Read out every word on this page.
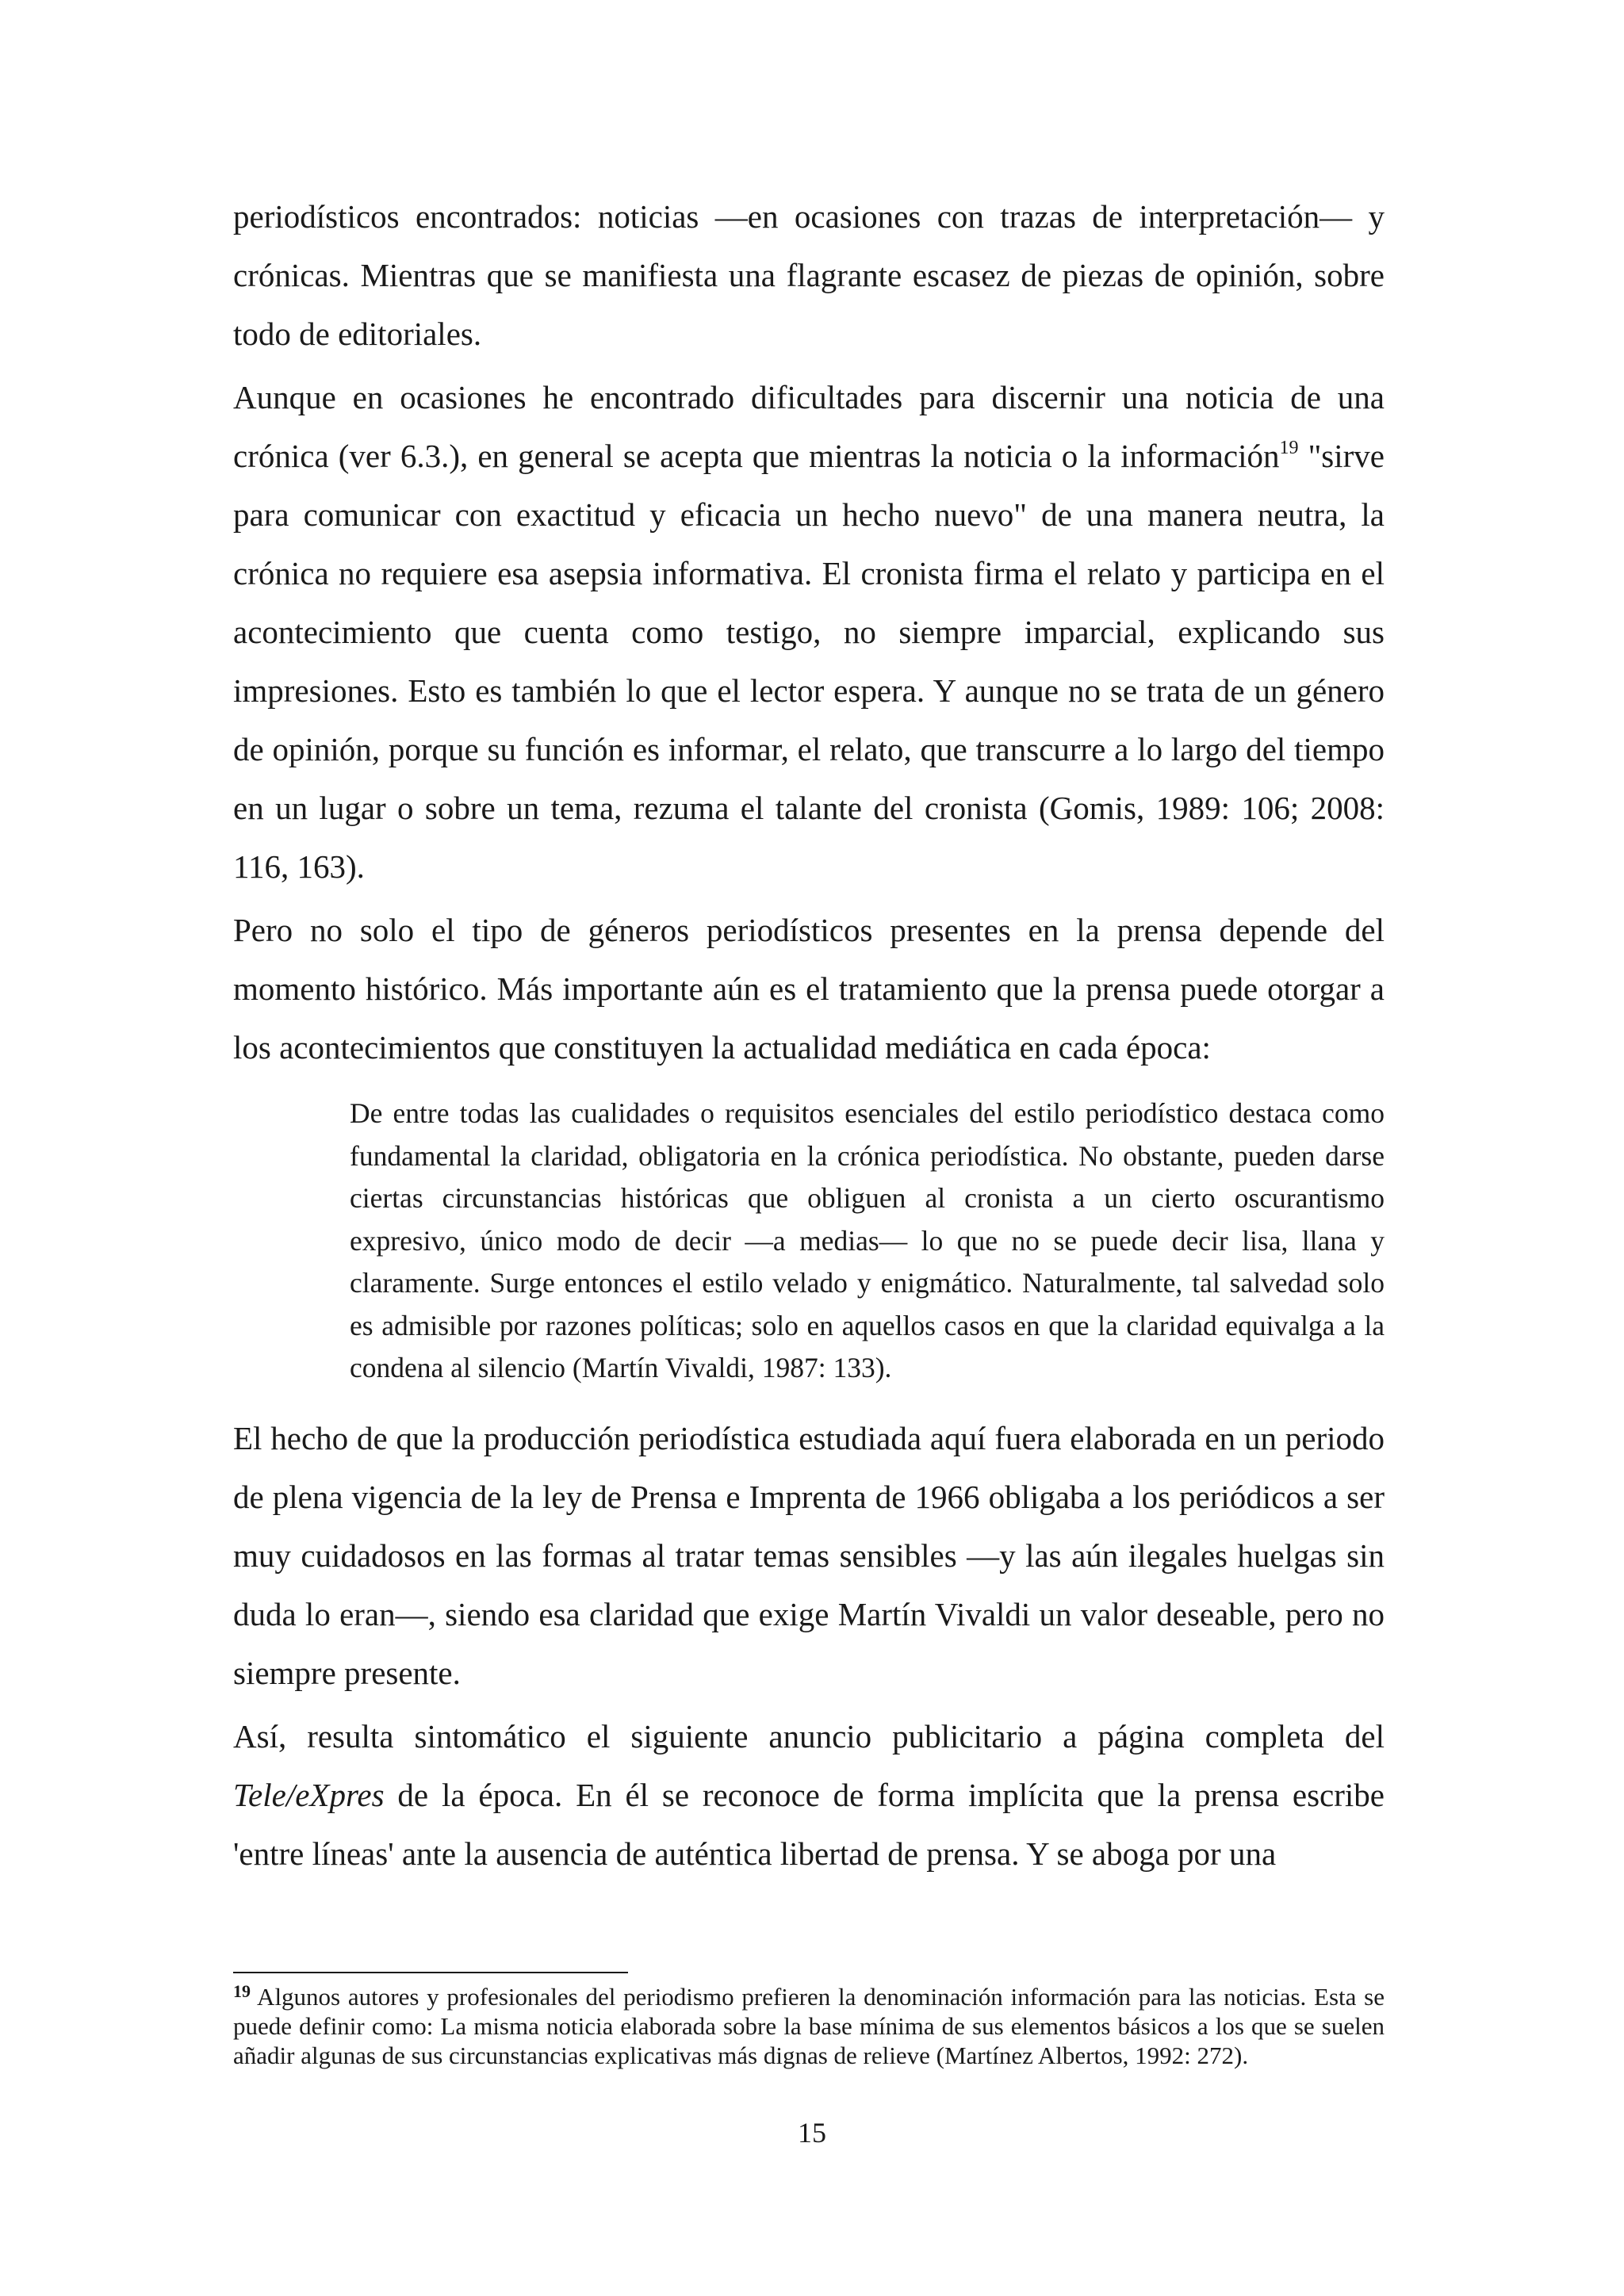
periodísticos encontrados: noticias —en ocasiones con trazas de interpretación— y crónicas. Mientras que se manifiesta una flagrante escasez de piezas de opinión, sobre todo de editoriales.

Aunque en ocasiones he encontrado dificultades para discernir una noticia de una crónica (ver 6.3.), en general se acepta que mientras la noticia o la información$^{19}$ "sirve para comunicar con exactitud y eficacia un hecho nuevo" de una manera neutra, la crónica no requiere esa asepsia informativa. El cronista firma el relato y participa en el acontecimiento que cuenta como testigo, no siempre imparcial, explicando sus impresiones. Esto es también lo que el lector espera. Y aunque no se trata de un género de opinión, porque su función es informar, el relato, que transcurre a lo largo del tiempo en un lugar o sobre un tema, rezuma el talante del cronista (Gomis, 1989: 106; 2008: 116, 163).

Pero no solo el tipo de géneros periodísticos presentes en la prensa depende del momento histórico. Más importante aún es el tratamiento que la prensa puede otorgar a los acontecimientos que constituyen la actualidad mediática en cada época:

De entre todas las cualidades o requisitos esenciales del estilo periodístico destaca como fundamental la claridad, obligatoria en la crónica periodística. No obstante, pueden darse ciertas circunstancias históricas que obliguen al cronista a un cierto oscurantismo expresivo, único modo de decir —a medias— lo que no se puede decir lisa, llana y claramente. Surge entonces el estilo velado y enigmático. Naturalmente, tal salvedad solo es admisible por razones políticas; solo en aquellos casos en que la claridad equivalga a la condena al silencio (Martín Vivaldi, 1987: 133).

El hecho de que la producción periodística estudiada aquí fuera elaborada en un periodo de plena vigencia de la ley de Prensa e Imprenta de 1966 obligaba a los periódicos a ser muy cuidadosos en las formas al tratar temas sensibles —y las aún ilegales huelgas sin duda lo eran—, siendo esa claridad que exige Martín Vivaldi un valor deseable, pero no siempre presente.

Así, resulta sintomático el siguiente anuncio publicitario a página completa del Tele/eXpres de la época. En él se reconoce de forma implícita que la prensa escribe 'entre líneas' ante la ausencia de auténtica libertad de prensa. Y se aboga por una

$^{19}$ Algunos autores y profesionales del periodismo prefieren la denominación información para las noticias. Esta se puede definir como: La misma noticia elaborada sobre la base mínima de sus elementos básicos a los que se suelen añadir algunas de sus circunstancias explicativas más dignas de relieve (Martínez Albertos, 1992: 272).

15
